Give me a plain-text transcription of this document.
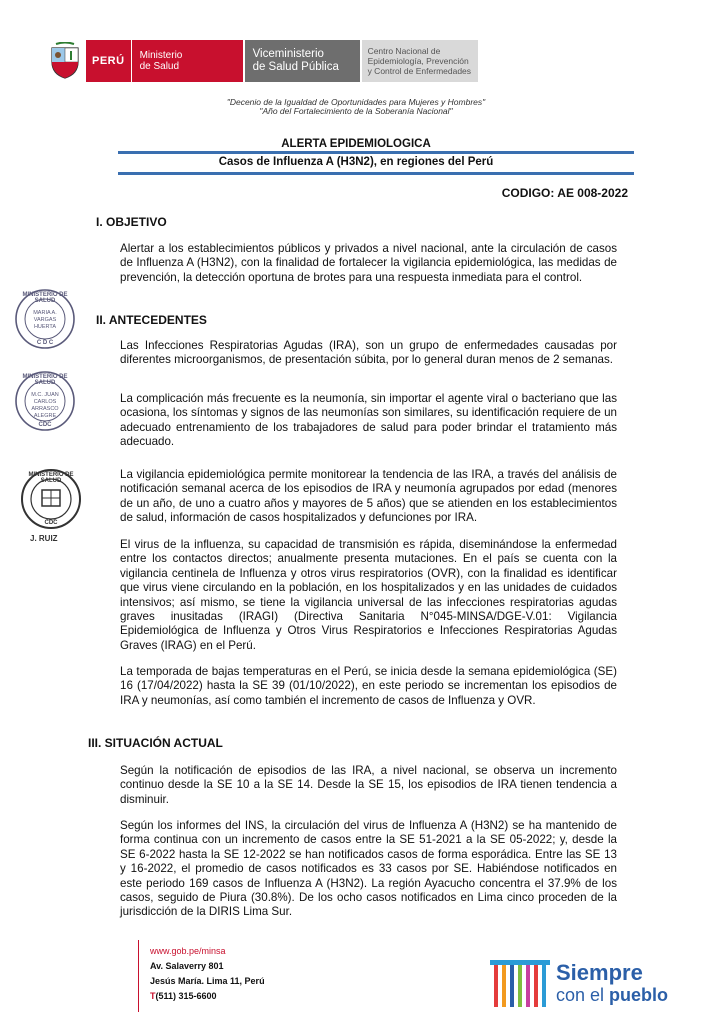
PERÚ	Ministerio
de Salud
Viceministerio
de Salud Pública
Centro Nacional de
Epidemiología, Prevención
y Control de Enfermedades
"Decenio de la Igualdad de Oportunidades para Mujeres y Hombres"
"Año del Fortalecimiento de la Soberanía Nacional"
ALERTA EPIDEMIOLOGICA
Casos de Influenza A (H3N2), en regiones del Perú
CODIGO: AE 008-2022
I. OBJETIVO
Alertar a los establecimientos públicos y privados a nivel nacional, ante la circulación de casos de Influenza A (H3N2), con la finalidad de fortalecer la vigilancia epidemiológica, las medidas de prevención, la detección oportuna de brotes para una respuesta inmediata para el control.
II. ANTECEDENTES
Las Infecciones Respiratorias Agudas (IRA), son un grupo de enfermedades causadas por diferentes microorganismos, de presentación súbita, por lo general duran menos de 2 semanas.
La complicación más frecuente es la neumonía, sin importar el agente viral o bacteriano que las ocasiona, los síntomas y signos de las neumonías son similares, su identificación requiere de un adecuado entrenamiento de los trabajadores de salud para poder brindar el tratamiento más adecuado.
La vigilancia epidemiológica permite monitorear la tendencia de las IRA, a través del análisis de notificación semanal acerca de los episodios de IRA y neumonía agrupados por edad (menores de un año, de uno a cuatro años y mayores de 5 años) que se atienden en los establecimientos de salud, información de casos hospitalizados y defunciones por IRA.
El virus de la influenza, su capacidad de transmisión es rápida, diseminándose la enfermedad entre los contactos directos; anualmente presenta mutaciones. En el país se cuenta con la vigilancia centinela de Influenza y otros virus respiratorios (OVR), con la finalidad es identificar que virus viene circulando en la población, en los hospitalizados y en las unidades de cuidados intensivos; así mismo, se tiene la vigilancia universal de las infecciones respiratorias agudas graves inusitadas (IRAGI) (Directiva Sanitaria N°045-MINSA/DGE-V.01: Vigilancia Epidemiológica de Influenza y Otros Virus Respiratorios e Infecciones Respiratorias Agudas Graves (IRAG) en el Perú.
La temporada de bajas temperaturas en el Perú, se inicia desde la semana epidemiológica (SE) 16 (17/04/2022) hasta la SE 39 (01/10/2022), en este periodo se incrementan los episodios de IRA y neumonías, así como también el incremento de casos de Influenza y OVR.
III. SITUACIÓN ACTUAL
Según la notificación de episodios de las IRA, a nivel nacional, se observa un incremento continuo desde la SE 10 a la SE 14. Desde la SE 15, los episodios de IRA tienen tendencia a disminuir.
Según los informes del INS, la circulación del virus de Influenza A (H3N2) se ha mantenido de forma continua con un incremento de casos entre la SE 51-2021 a la SE 05-2022; y, desde la SE 6-2022 hasta la SE 12-2022 se han notificados casos de forma esporádica. Entre las SE 13 y 16-2022, el promedio de casos notificados es 33 casos por SE. Habiéndose notificados en este periodo 169 casos de Influenza A (H3N2). La región Ayacucho concentra el 37.9% de los casos, seguido de Piura (30.8%). De los ocho casos notificados en Lima cinco proceden de la jurisdicción de la DIRIS Lima Sur.
MINISTERIO DE SALUD
MARIA A. VARGAS HUERTA
C D C
MINISTERIO DE SALUD
M.C. JUAN CARLOS ARRASCO ALEGRE
CDC
MINISTERIO DE SALUD
CDC
J. RUIZ
www.gob.pe/minsa
Av. Salaverry 801
Jesús María. Lima 11, Perú
T(511) 315-6600
Siempre
con el pueblo
